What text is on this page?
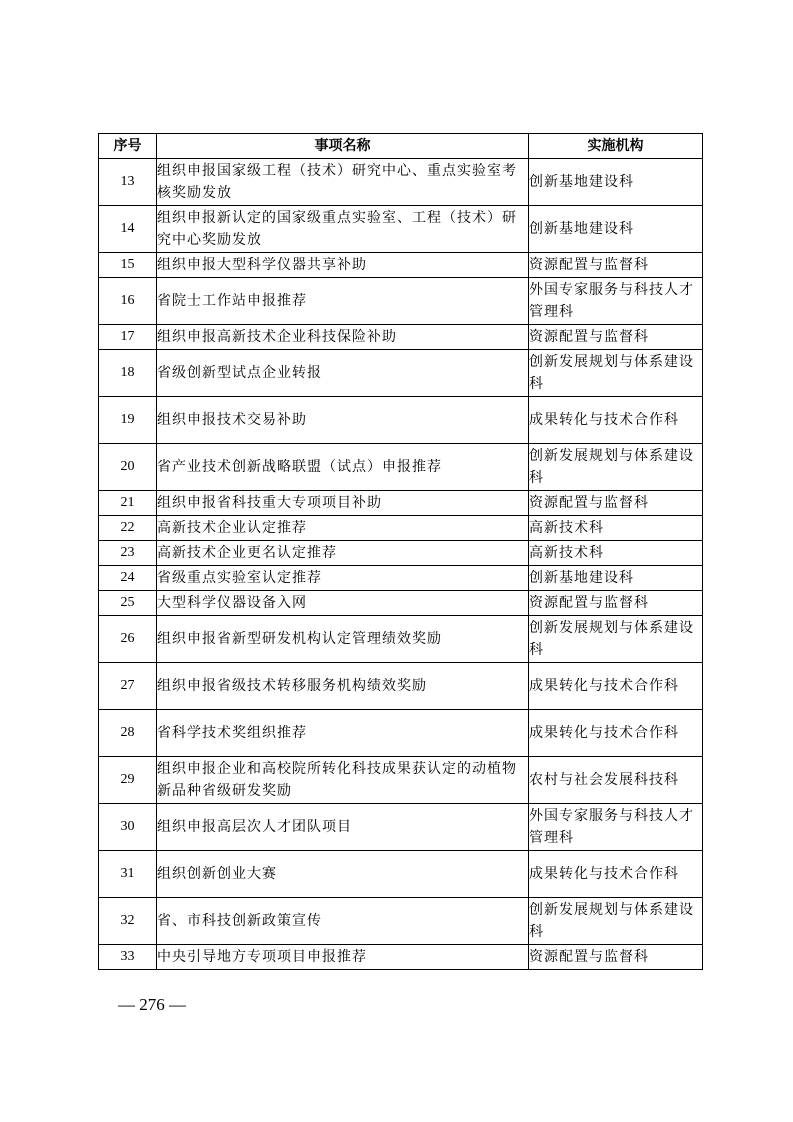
序号	事项名称	实施机构
13	组织申报国家级工程（技术）研究中心、重点实验室考核奖励发放	创新基地建设科
14	组织申报新认定的国家级重点实验室、工程（技术）研究中心奖励发放	创新基地建设科
15	组织申报大型科学仪器共享补助	资源配置与监督科
16	省院士工作站申报推荐	外国专家服务与科技人才管理科
17	组织申报高新技术企业科技保险补助	资源配置与监督科
18	省级创新型试点企业转报	创新发展规划与体系建设科
19	组织申报技术交易补助	成果转化与技术合作科
20	省产业技术创新战略联盟（试点）申报推荐	创新发展规划与体系建设科
21	组织申报省科技重大专项项目补助	资源配置与监督科
22	高新技术企业认定推荐	高新技术科
23	高新技术企业更名认定推荐	高新技术科
24	省级重点实验室认定推荐	创新基地建设科
25	大型科学仪器设备入网	资源配置与监督科
26	组织申报省新型研发机构认定管理绩效奖励	创新发展规划与体系建设科
27	组织申报省级技术转移服务机构绩效奖励	成果转化与技术合作科
28	省科学技术奖组织推荐	成果转化与技术合作科
29	组织申报企业和高校院所转化科技成果获认定的动植物新品种省级研发奖励	农村与社会发展科技科
30	组织申报高层次人才团队项目	外国专家服务与科技人才管理科
31	组织创新创业大赛	成果转化与技术合作科
32	省、市科技创新政策宣传	创新发展规划与体系建设科
33	中央引导地方专项项目申报推荐	资源配置与监督科
— 276 —
